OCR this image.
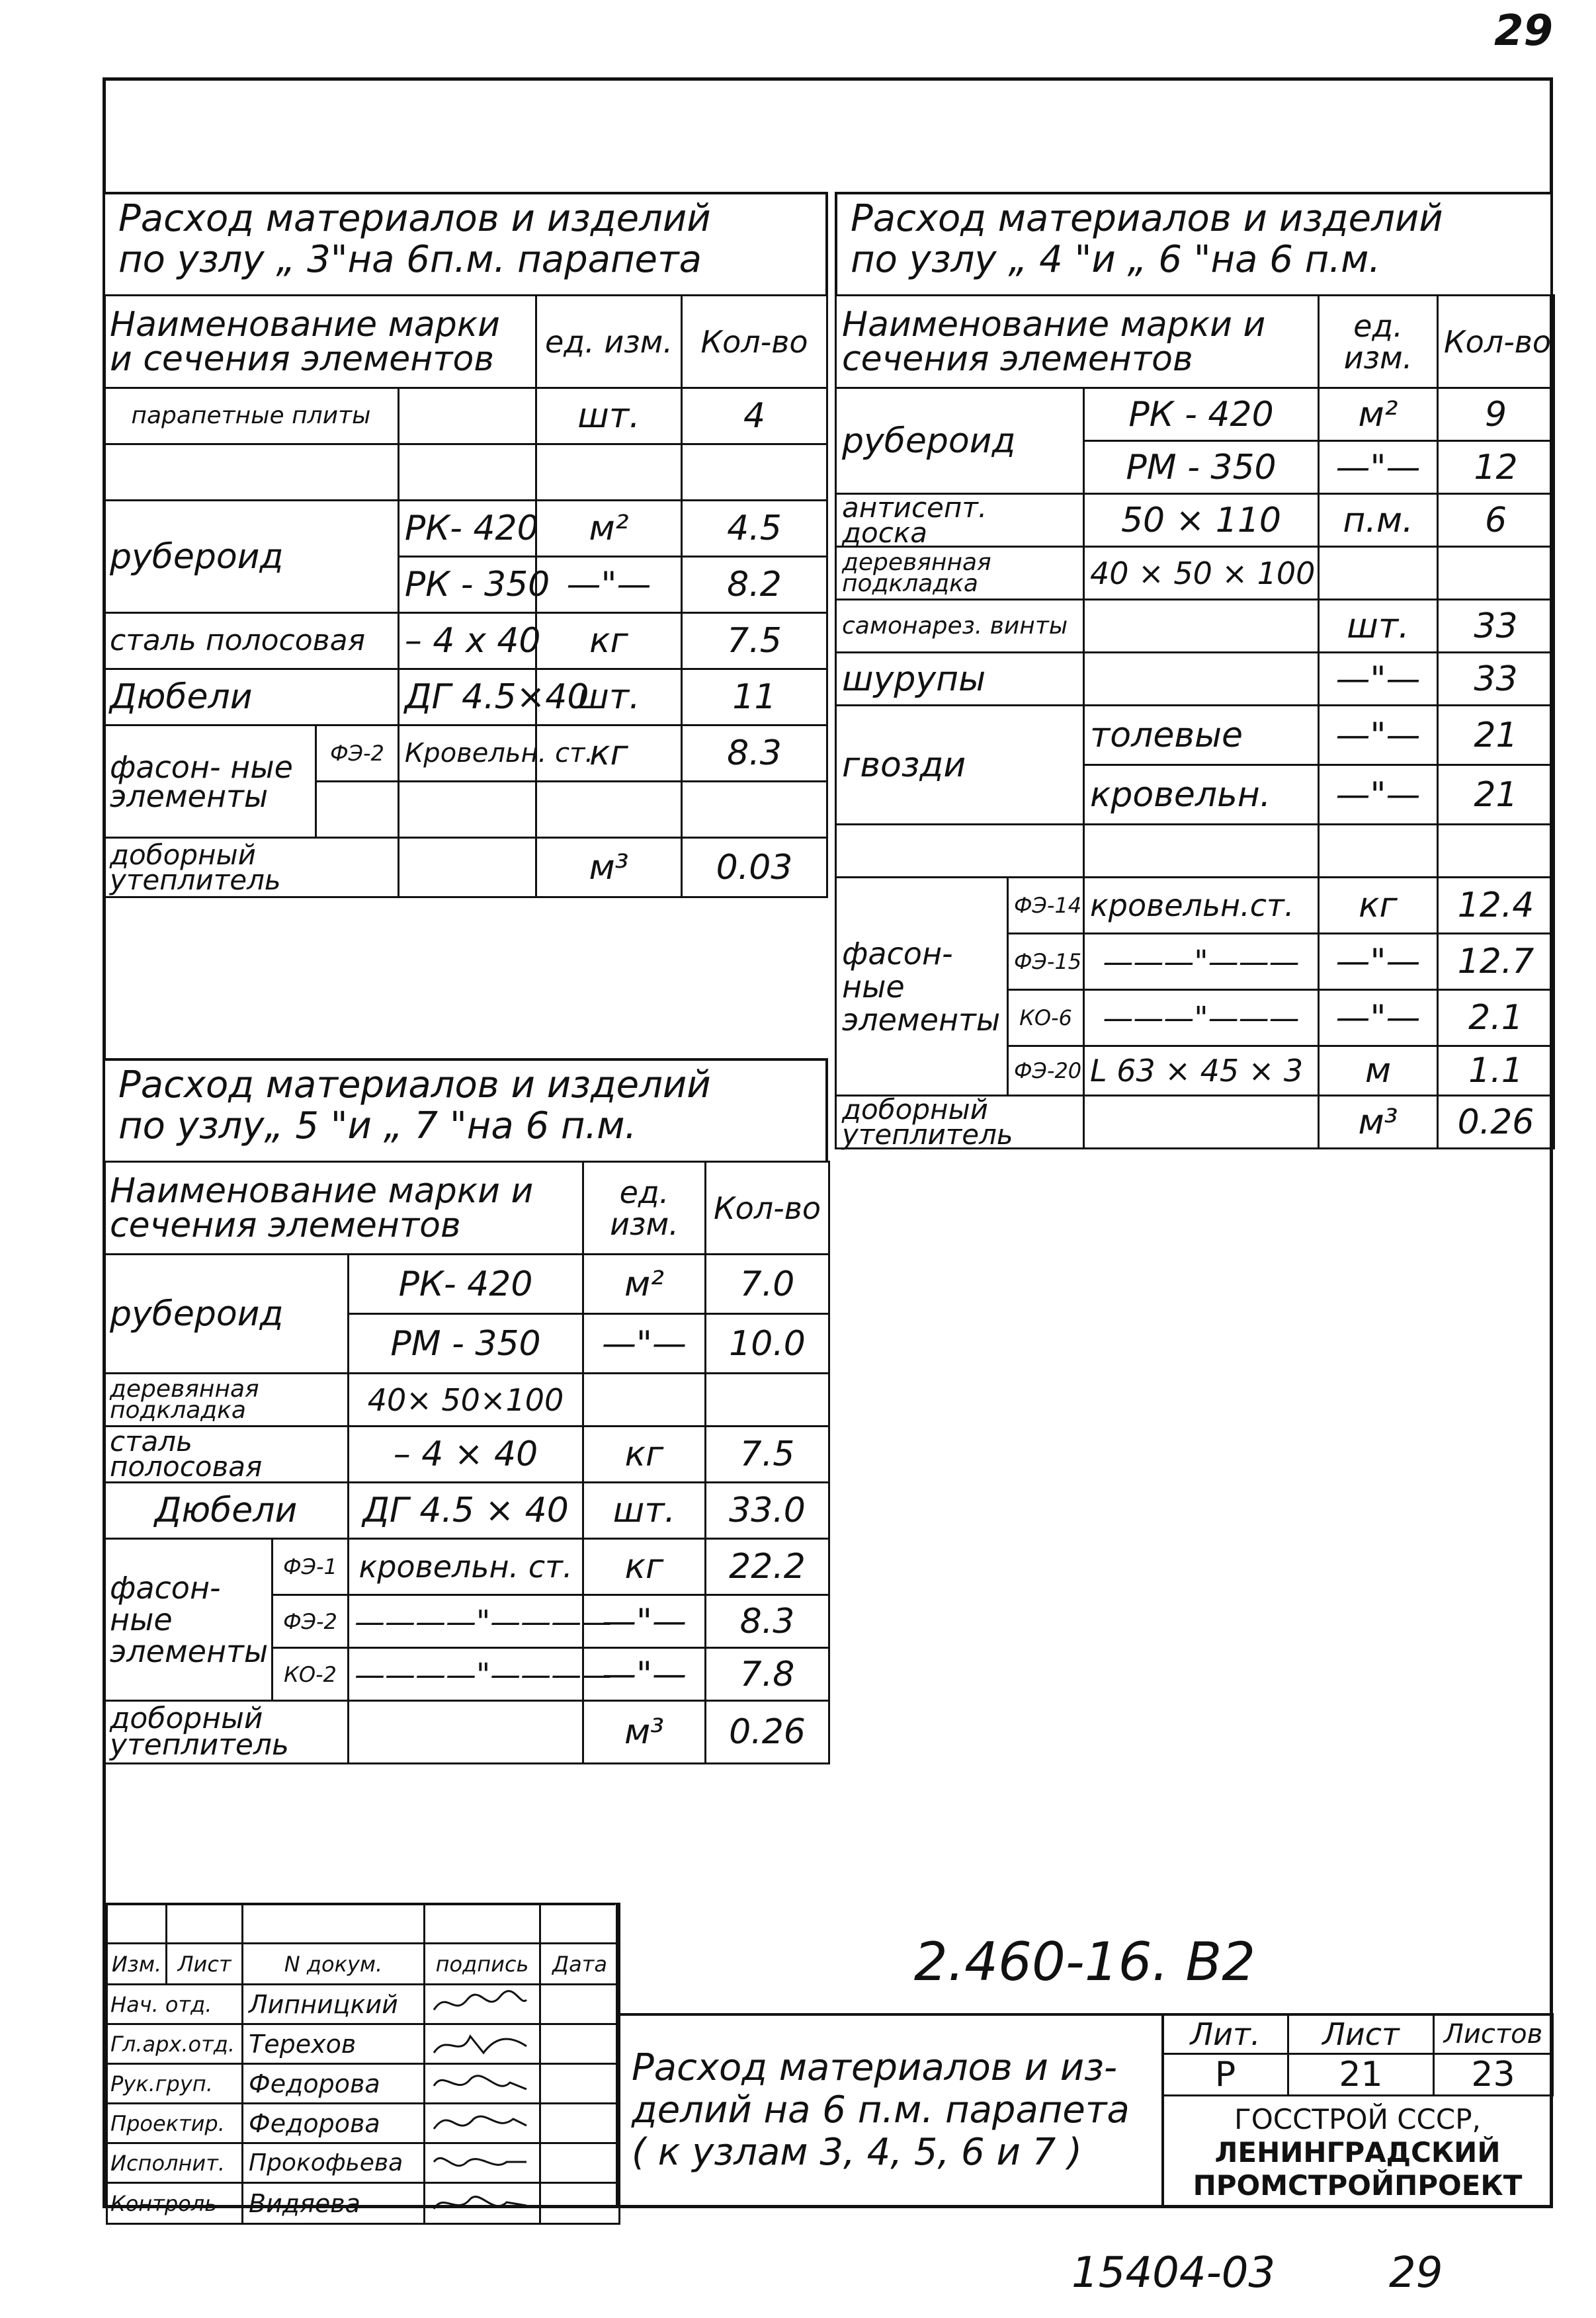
29
Расход материалов и изделий
по узлу „ 3"на 6п.м. парапета
Наименование марки и сечения элементов			ед. изм.	Кол-во
парапетные плиты			шт.	4

рубероид		РК- 420	м²	4.5
		РК - 350	—"—	8.2
сталь полосовая		– 4 х 40	кг	7.5
Дюбели		ДГ 4.5×40	шт.	11
фасон- ные элементы	ФЭ-2	Кровельн. ст.	кг	8.3

доборный утеплитель			м³	0.03
Расход материалов и изделий
по узлу „ 4 "и „ 6 "на 6 п.м.
Наименование марки и сечения элементов			ед. изм.	Кол-во
рубероид		РК - 420	м²	9
		РМ - 350	—"—	12
антисепт. доска		50 × 110	п.м.	6
деревянная подкладка		40 × 50 × 100		
самонарез. винты			шт.	33
шурупы			—"—	33
гвозди		толевые	—"—	21
		кровельн.	—"—	21

фасон- ные элементы	ФЭ-14	кровельн.ст.	кг	12.4
	ФЭ-15	———"———	—"—	12.7
	КО-6	———"———	—"—	2.1
	ФЭ-20	L 63 × 45 × 3	м	1.1
доборный утеплитель			м³	0.26
Расход материалов и изделий
по узлу„ 5 "и „ 7 "на 6 п.м.
Наименование марки и сечения элементов			ед. изм.	Кол-во
рубероид		РК- 420	м²	7.0
		РМ - 350	—"—	10.0
деревянная подкладка		40× 50×100		
сталь полосовая		– 4 × 40	кг	7.5
Дюбели		ДГ 4.5 × 40	шт.	33.0
фасон- ные элементы	ФЭ-1	кровельн. ст.	кг	22.2
	ФЭ-2	————"————	—"—	8.3
	КО-2	————"————	—"—	7.8
доборный утеплитель			м³	0.26

Изм.	Лист	N докум.	подпись	Дата
Нач. отд.		Липницкий		
Гл.арх.отд.		Терехов		
Рук.груп.		Федорова		
Проектир.		Федорова		
Исполнит.		Прокофьева		
Контроль		Видяева		
2.460-16. В2
Расход материалов и из-
делий на 6 п.м. парапета
( к узлам 3, 4, 5, 6 и 7 )
Лит.	Лист	Листов
Р	21	23
ГОССТРОЙ СССР,
ЛЕНИНГРАДСКИЙ
ПРОМСТРОЙПРОЕКТ
15404-03	29
